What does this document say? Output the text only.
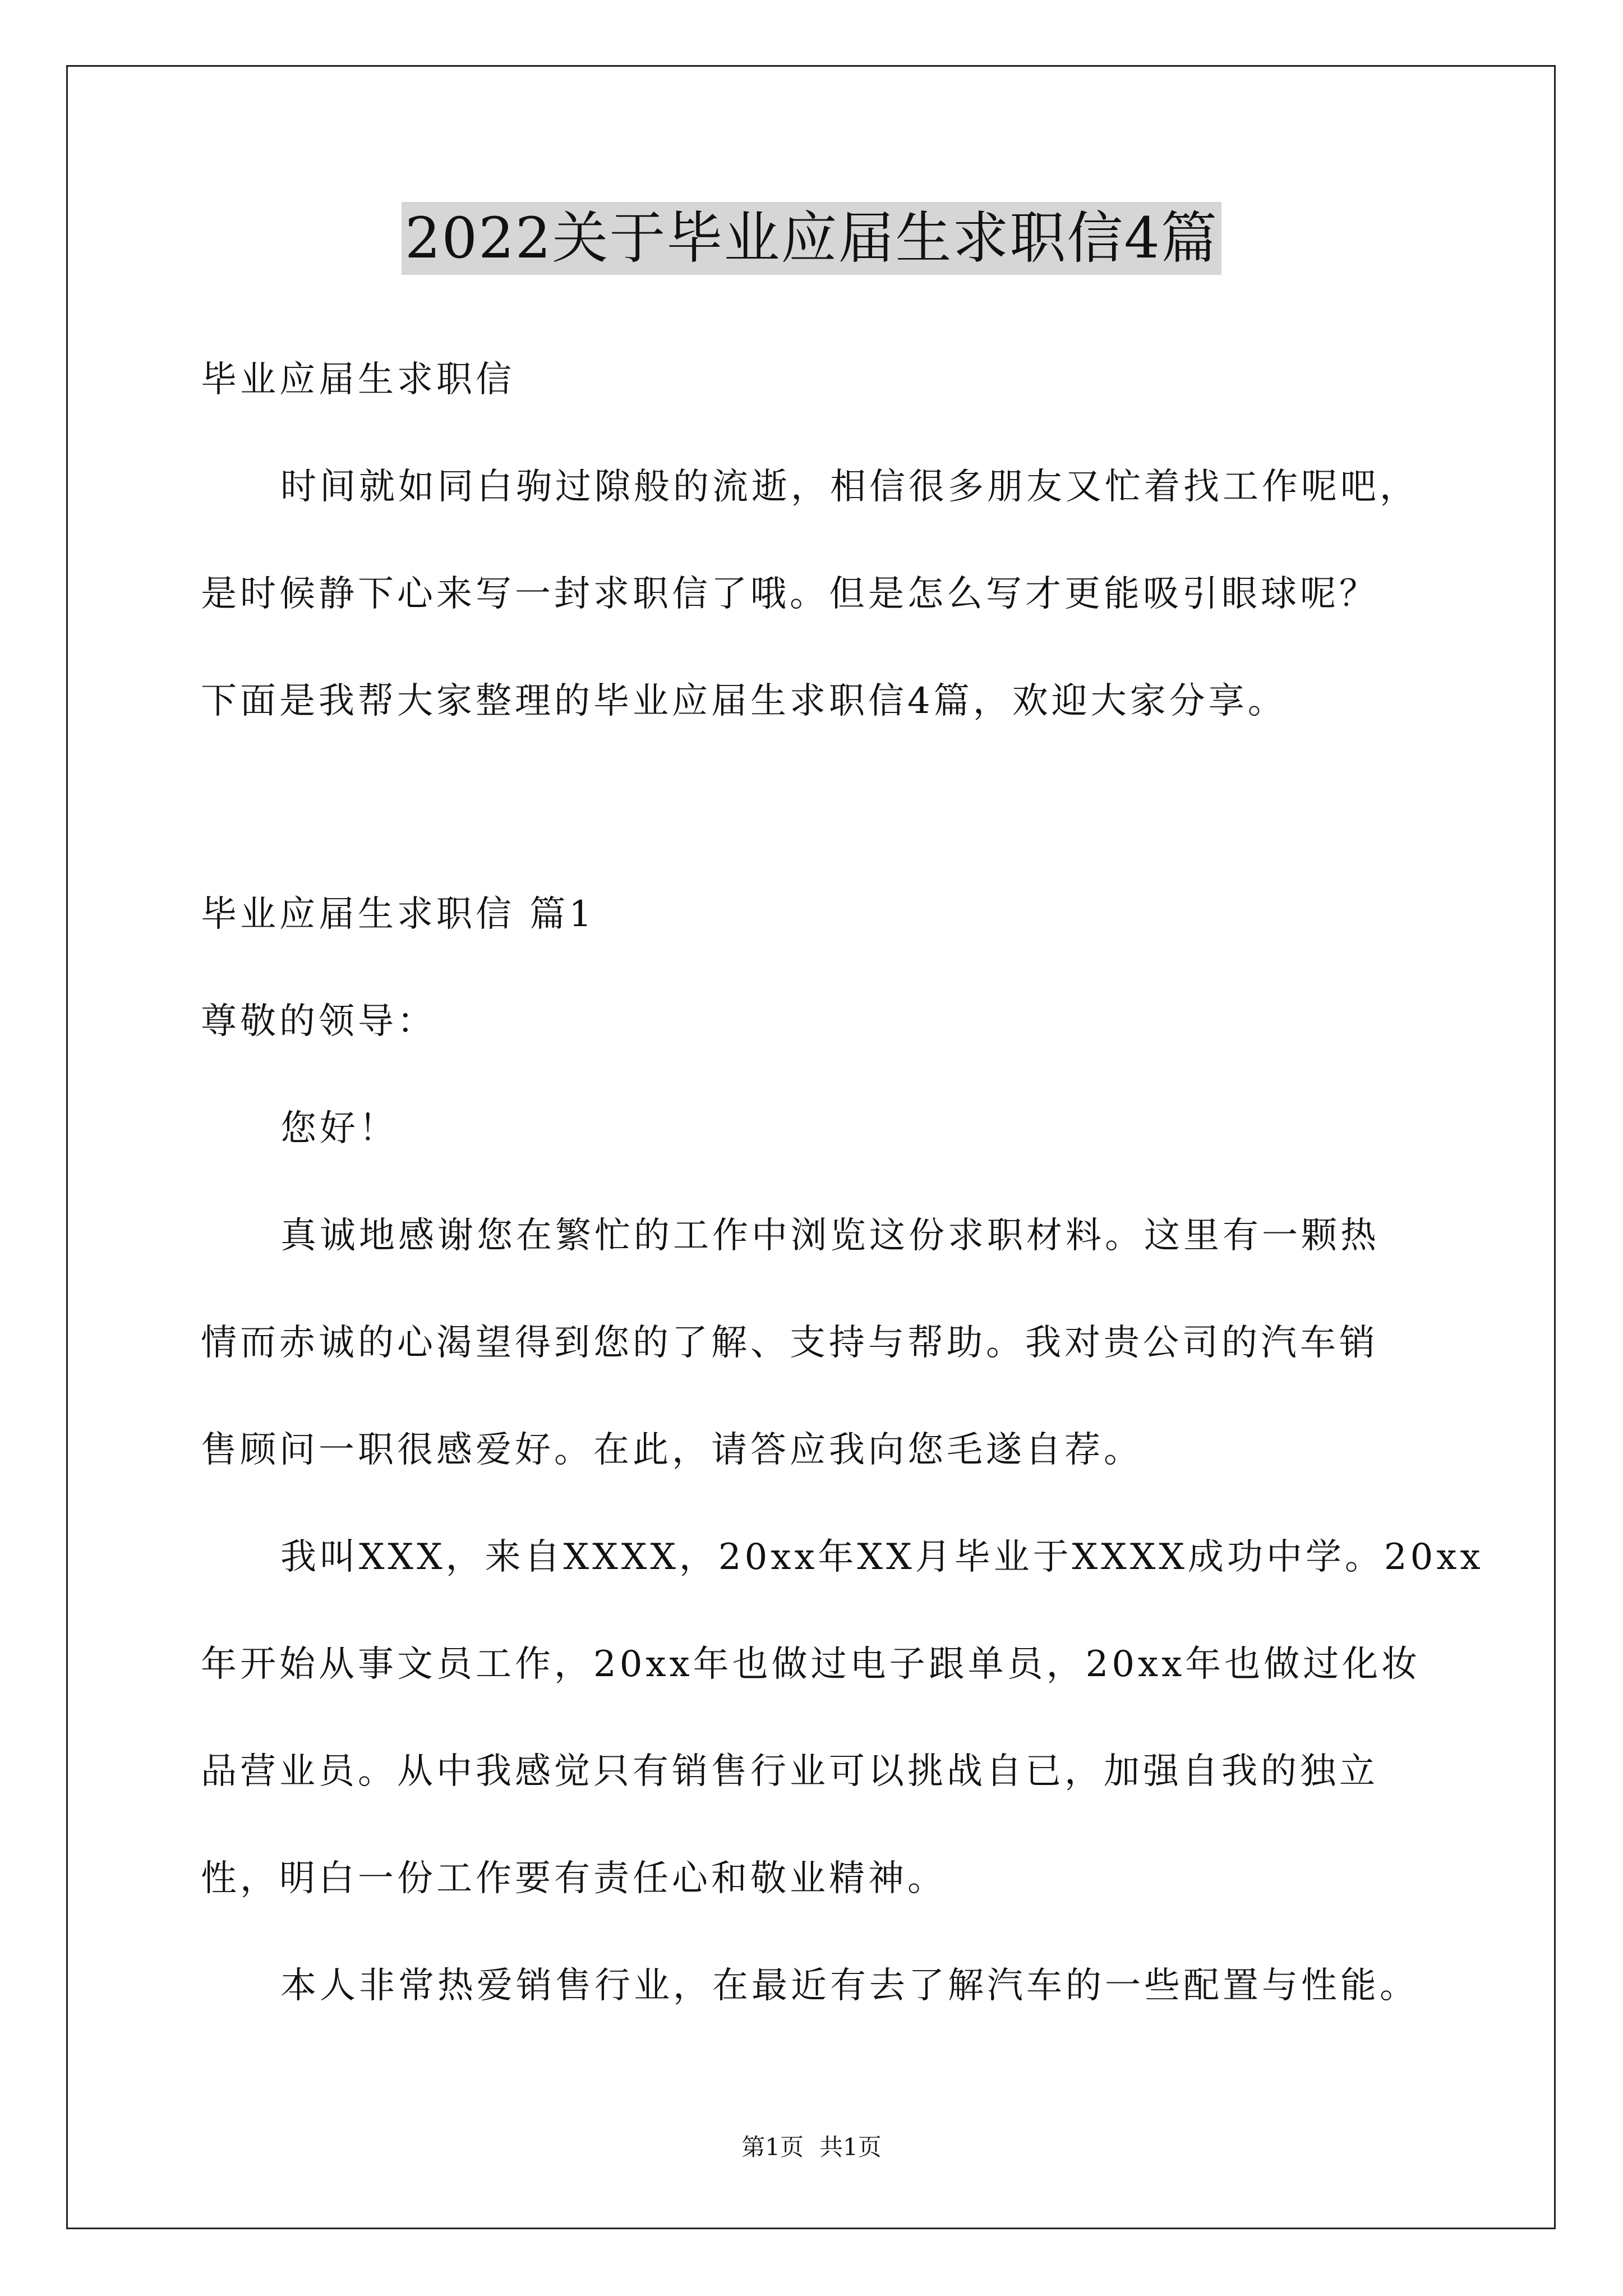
2022关于毕业应届生求职信4篇
毕业应届生求职信
时间就如同白驹过隙般的流逝，相信很多朋友又忙着找工作呢吧，
是时候静下心来写一封求职信了哦。但是怎么写才更能吸引眼球呢？
下面是我帮大家整理的毕业应届生求职信4篇，欢迎大家分享。
毕业应届生求职信 篇1
尊敬的领导：
您好！
真诚地感谢您在繁忙的工作中浏览这份求职材料。这里有一颗热
情而赤诚的心渴望得到您的了解、支持与帮助。我对贵公司的汽车销
售顾问一职很感爱好。在此，请答应我向您毛遂自荐。
我叫XXX，来自XXXX，20xx年XX月毕业于XXXX成功中学。20xx
年开始从事文员工作，20xx年也做过电子跟单员，20xx年也做过化妆
品营业员。从中我感觉只有销售行业可以挑战自已，加强自我的独立
性，明白一份工作要有责任心和敬业精神。
本人非常热爱销售行业，在最近有去了解汽车的一些配置与性能。
第1页 共1页
